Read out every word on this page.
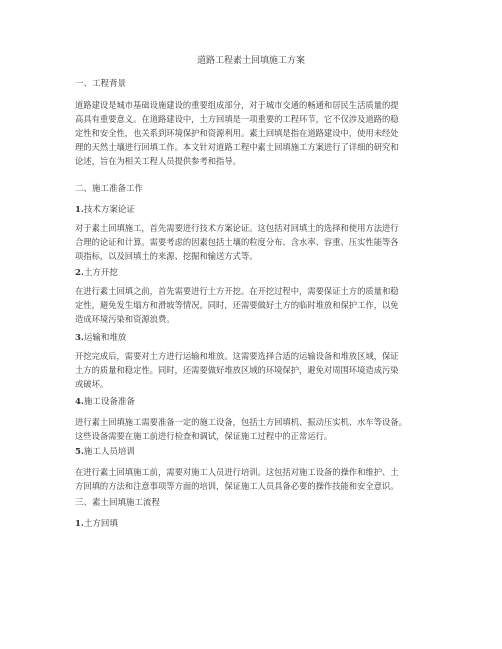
道路工程素土回填施工方案
一、工程背景

道路建设是城市基础设施建设的重要组成部分，对于城市交通的畅通和居民生活质量的提
高具有重要意义。在道路建设中，土方回填是一项重要的工程环节，它不仅涉及道路的稳
定性和安全性，也关系到环境保护和资源利用。素土回填是指在道路建设中，使用未经处
理的天然土壤进行回填工作。本文针对道路工程中素土回填施工方案进行了详细的研究和
论述，旨在为相关工程人员提供参考和指导。

二、施工准备工作
1.技术方案论证

对于素土回填施工，首先需要进行技术方案论证。这包括对回填土的选择和使用方法进行
合理的论证和计算。需要考虑的因素包括土壤的粒度分布、含水率、容重、压实性能等各
项指标，以及回填土的来源、挖掘和输送方式等。

2.土方开挖

在进行素土回填之前，首先需要进行土方开挖。在开挖过程中，需要保证土方的质量和稳
定性，避免发生塌方和滑坡等情况。同时，还需要做好土方的临时堆放和保护工作，以免
造成环境污染和资源浪费。

3.运输和堆放

开挖完成后，需要对土方进行运输和堆放。这需要选择合适的运输设备和堆放区域，保证
土方的质量和稳定性。同时，还需要做好堆放区域的环境保护，避免对周围环境造成污染
或破坏。

4.施工设备准备

进行素土回填施工需要准备一定的施工设备，包括土方回填机、振动压实机、水车等设备。
这些设备需要在施工前进行检查和调试，保证施工过程中的正常运行。

5.施工人员培训

在进行素土回填施工前，需要对施工人员进行培训。这包括对施工设备的操作和维护、土
方回填的方法和注意事项等方面的培训，保证施工人员具备必要的操作技能和安全意识。

三、素土回填施工流程
1.土方回填
